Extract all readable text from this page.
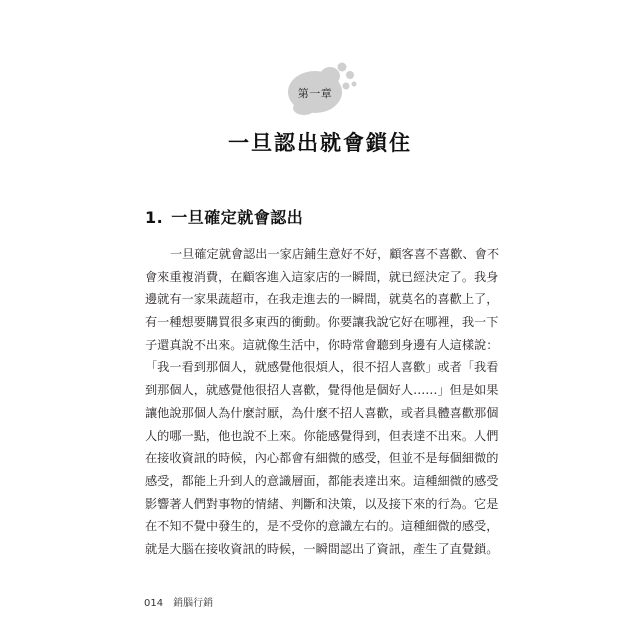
第一章
一旦認出就會鎖住
1. 一旦確定就會認出
一旦確定就會認出一家店鋪生意好不好，顧客喜不喜歡、會不
會來重複消費，在顧客進入這家店的一瞬間，就已經決定了。我身
邊就有一家果蔬超市，在我走進去的一瞬間，就莫名的喜歡上了，
有一種想要購買很多東西的衝動。你要讓我說它好在哪裡，我一下
子還真說不出來。這就像生活中，你時常會聽到身邊有人這樣說：
「我一看到那個人，就感覺他很煩人，很不招人喜歡」或者「我看
到那個人，就感覺他很招人喜歡，覺得他是個好人……」但是如果
讓他說那個人為什麼討厭，為什麼不招人喜歡，或者具體喜歡那個
人的哪一點，他也說不上來。你能感覺得到，但表達不出來。人們
在接收資訊的時候，內心都會有細微的感受，但並不是每個細微的
感受，都能上升到人的意識層面，都能表達出來。這種細微的感受
影響著人們對事物的情緒、判斷和決策，以及接下來的行為。它是
在不知不覺中發生的，是不受你的意識左右的。這種細微的感受，
就是大腦在接收資訊的時候，一瞬間認出了資訊，產生了直覺鎖。
014 銷腦行銷
